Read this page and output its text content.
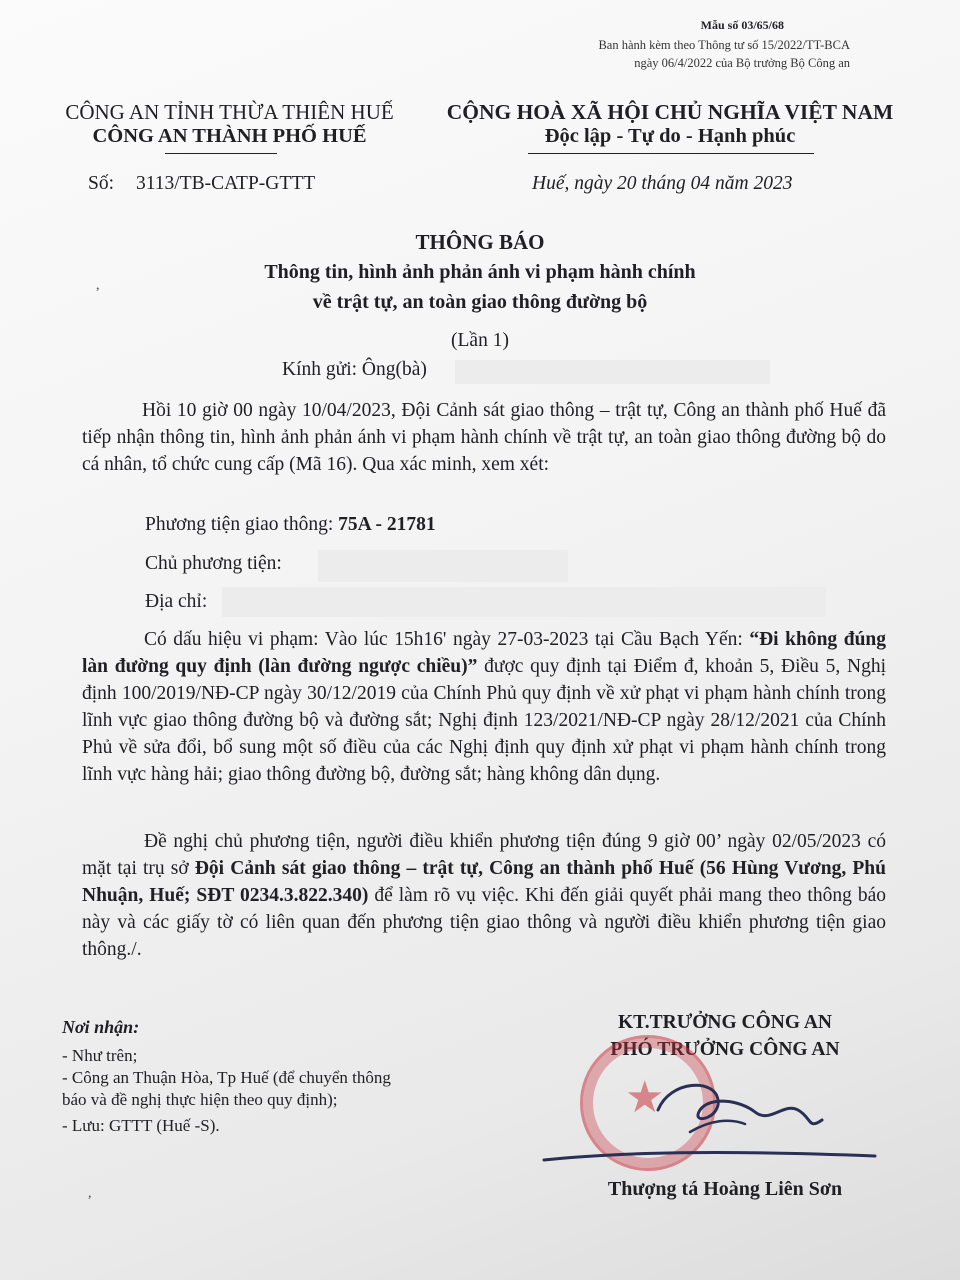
Mẫu số 03/65/68
Ban hành kèm theo Thông tư số 15/2022/TT-BCA
ngày 06/4/2022 của Bộ trưởng Bộ Công an
CÔNG AN TỈNH THỪA THIÊN HUẾ
CÔNG AN THÀNH PHỐ HUẾ
CỘNG HOÀ XÃ HỘI CHỦ NGHĨA VIỆT NAM
Độc lập - Tự do - Hạnh phúc
Số: 3113/TB-CATP-GTTT	Huế, ngày 20 tháng 04 năm 2023
THÔNG BÁO
Thông tin, hình ảnh phản ánh vi phạm hành chính
về trật tự, an toàn giao thông đường bộ
(Lần 1)
Kính gửi: Ông(bà)
Hồi 10 giờ 00 ngày 10/04/2023, Đội Cảnh sát giao thông – trật tự, Công an thành phố Huế đã tiếp nhận thông tin, hình ảnh phản ánh vi phạm hành chính về trật tự, an toàn giao thông đường bộ do cá nhân, tổ chức cung cấp (Mã 16). Qua xác minh, xem xét:
Phương tiện giao thông: 75A - 21781
Chủ phương tiện:
Địa chỉ:
Có dấu hiệu vi phạm: Vào lúc 15h16' ngày 27-03-2023 tại Cầu Bạch Yến: “Đi không đúng làn đường quy định (làn đường ngược chiều)” được quy định tại Điểm đ, khoản 5, Điều 5, Nghị định 100/2019/NĐ-CP ngày 30/12/2019 của Chính Phủ quy định về xử phạt vi phạm hành chính trong lĩnh vực giao thông đường bộ và đường sắt; Nghị định 123/2021/NĐ-CP ngày 28/12/2021 của Chính Phủ về sửa đổi, bổ sung một số điều của các Nghị định quy định xử phạt vi phạm hành chính trong lĩnh vực hàng hải; giao thông đường bộ, đường sắt; hàng không dân dụng.
Đề nghị chủ phương tiện, người điều khiển phương tiện đúng 9 giờ 00’ ngày 02/05/2023 có mặt tại trụ sở Đội Cảnh sát giao thông – trật tự, Công an thành phố Huế (56 Hùng Vương, Phú Nhuận, Huế; SĐT 0234.3.822.340) để làm rõ vụ việc. Khi đến giải quyết phải mang theo thông báo này và các giấy tờ có liên quan đến phương tiện giao thông và người điều khiển phương tiện giao thông./.
Nơi nhận:
- Như trên;
- Công an Thuận Hòa, Tp Huế (để chuyển thông
báo và đề nghị thực hiện theo quy định);
- Lưu: GTTT (Huế -S).
KT.TRƯỞNG CÔNG AN
PHÓ TRƯỞNG CÔNG AN
★
Thượng tá Hoàng Liên Sơn
,
,
